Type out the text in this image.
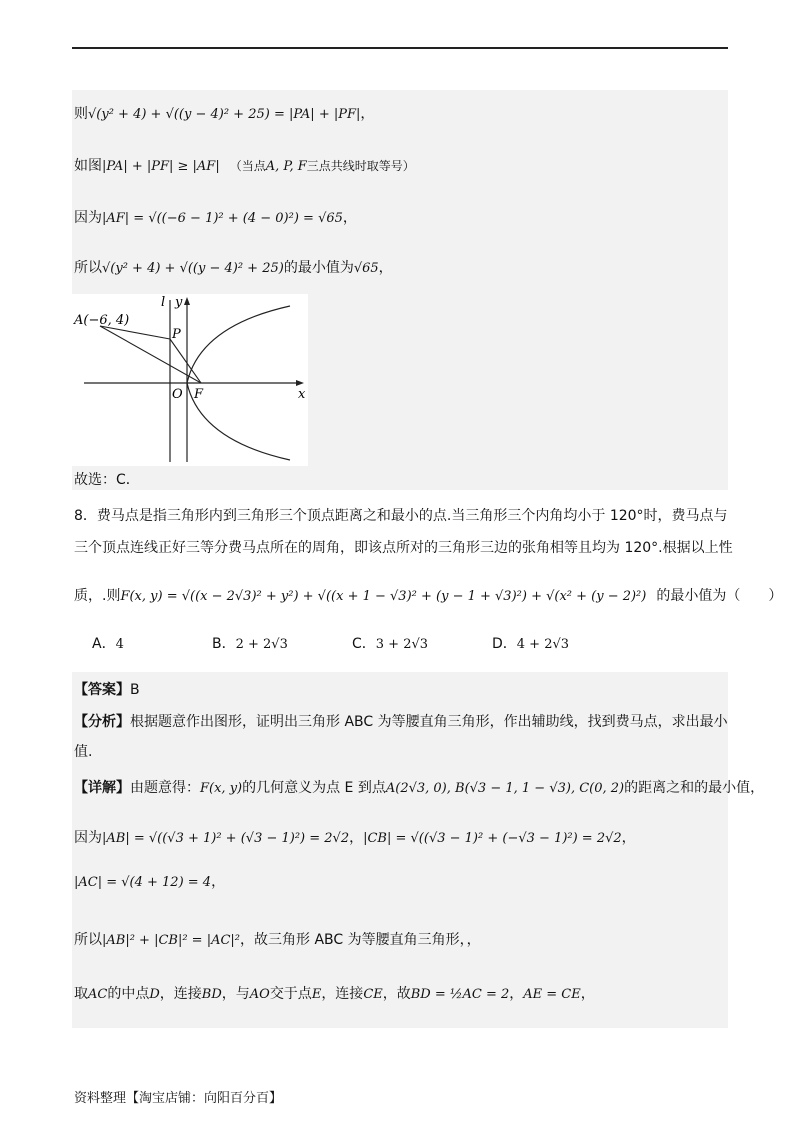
则√(y² + 4) + √((y − 4)² + 25) = |PA| + |PF|，
如图|PA| + |PF| ≥ |AF| （当点A, P, F三点共线时取等号）
因为|AF| = √((−6 − 1)² + (4 − 0)²) = √65，
所以√(y² + 4) + √((y − 4)² + 25)的最小值为√65，
A(−6, 4)
P
O F	x
y
l
故选：C．
8．费马点是指三角形内到三角形三个顶点距离之和最小的点.当三角形三个内角均小于 120°时，费马点与
三个顶点连线正好三等分费马点所在的周角，即该点所对的三角形三边的张角相等且均为 120°.根据以上性
质，.则F(x, y) = √((x − 2√3)² + y²) + √((x + 1 − √3)² + (y − 1 + √3)²) + √(x² + (y − 2)²) 的最小值为（　　）
A．4	B．2 + 2√3	C．3 + 2√3	D．4 + 2√3
【答案】B
【分析】根据题意作出图形，证明出三角形 ABC 为等腰直角三角形，作出辅助线，找到费马点，求出最小
值.
【详解】由题意得：F(x, y)的几何意义为点 E 到点A(2√3, 0), B(√3 − 1, 1 − √3), C(0, 2)的距离之和的最小值，
因为|AB| = √((√3 + 1)² + (√3 − 1)²) = 2√2，|CB| = √((√3 − 1)² + (−√3 − 1)²) = 2√2，
|AC| = √(4 + 12) = 4，
所以|AB|² + |CB|² = |AC|²，故三角形 ABC 为等腰直角三角形，，
取AC的中点D，连接BD，与AO交于点E，连接CE，故BD = ½AC = 2，AE = CE，
资料整理【淘宝店铺：向阳百分百】
